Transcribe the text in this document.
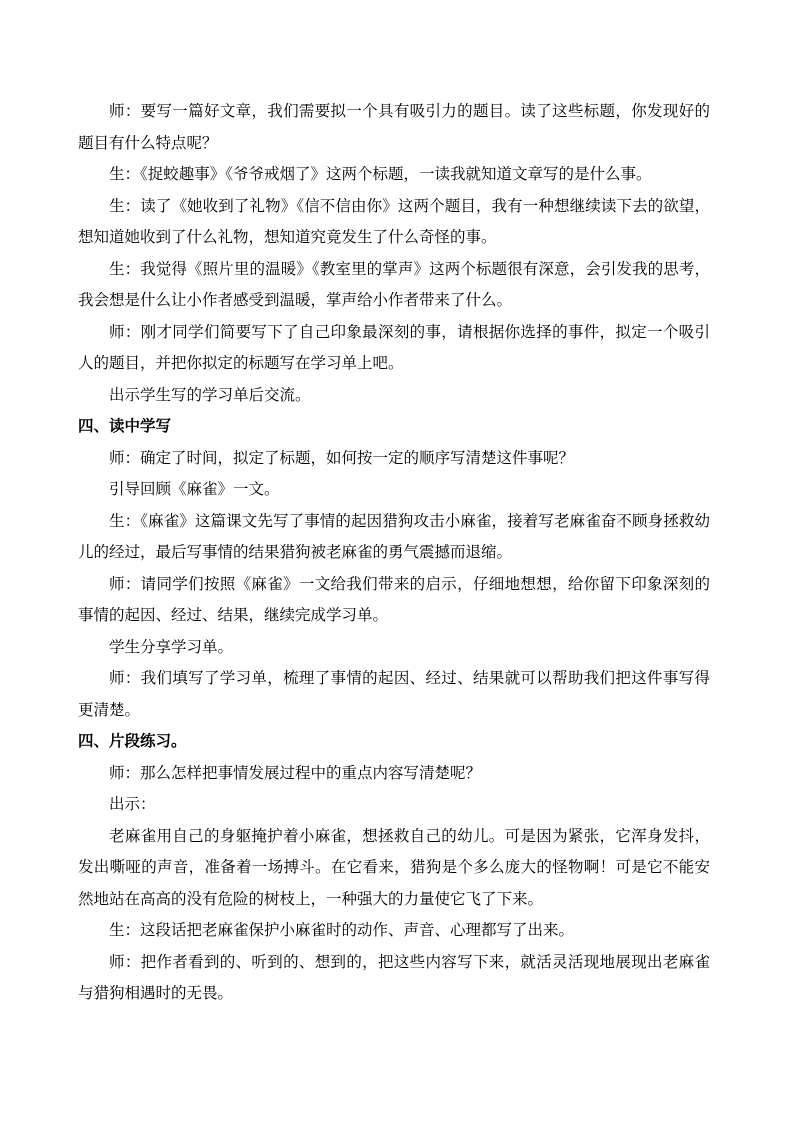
师：要写一篇好文章，我们需要拟一个具有吸引力的题目。读了这些标题，你发现好的题目有什么特点呢？

生：《捉蛟趣事》《爷爷戒烟了》这两个标题，一读我就知道文章写的是什么事。

生：读了《她收到了礼物》《信不信由你》这两个题目，我有一种想继续读下去的欲望，想知道她收到了什么礼物，想知道究竟发生了什么奇怪的事。

生：我觉得《照片里的温暖》《教室里的掌声》这两个标题很有深意，会引发我的思考，我会想是什么让小作者感受到温暖，掌声给小作者带来了什么。

师：刚才同学们简要写下了自己印象最深刻的事，请根据你选择的事件，拟定一个吸引人的题目，并把你拟定的标题写在学习单上吧。

出示学生写的学习单后交流。

四、读中学写

师：确定了时间，拟定了标题，如何按一定的顺序写清楚这件事呢？

引导回顾《麻雀》一文。

生：《麻雀》这篇课文先写了事情的起因猎狗攻击小麻雀，接着写老麻雀奋不顾身拯救幼儿的经过，最后写事情的结果猎狗被老麻雀的勇气震撼而退缩。

师：请同学们按照《麻雀》一文给我们带来的启示，仔细地想想，给你留下印象深刻的事情的起因、经过、结果，继续完成学习单。

学生分享学习单。

师：我们填写了学习单，梳理了事情的起因、经过、结果就可以帮助我们把这件事写得更清楚。

四、片段练习。

师：那么怎样把事情发展过程中的重点内容写清楚呢？

出示：

老麻雀用自己的身躯掩护着小麻雀，想拯救自己的幼儿。可是因为紧张，它浑身发抖，发出嘶哑的声音，准备着一场搏斗。在它看来，猎狗是个多么庞大的怪物啊！可是它不能安然地站在高高的没有危险的树枝上，一种强大的力量使它飞了下来。

生：这段话把老麻雀保护小麻雀时的动作、声音、心理都写了出来。

师：把作者看到的、听到的、想到的，把这些内容写下来，就活灵活现地展现出老麻雀与猎狗相遇时的无畏。
